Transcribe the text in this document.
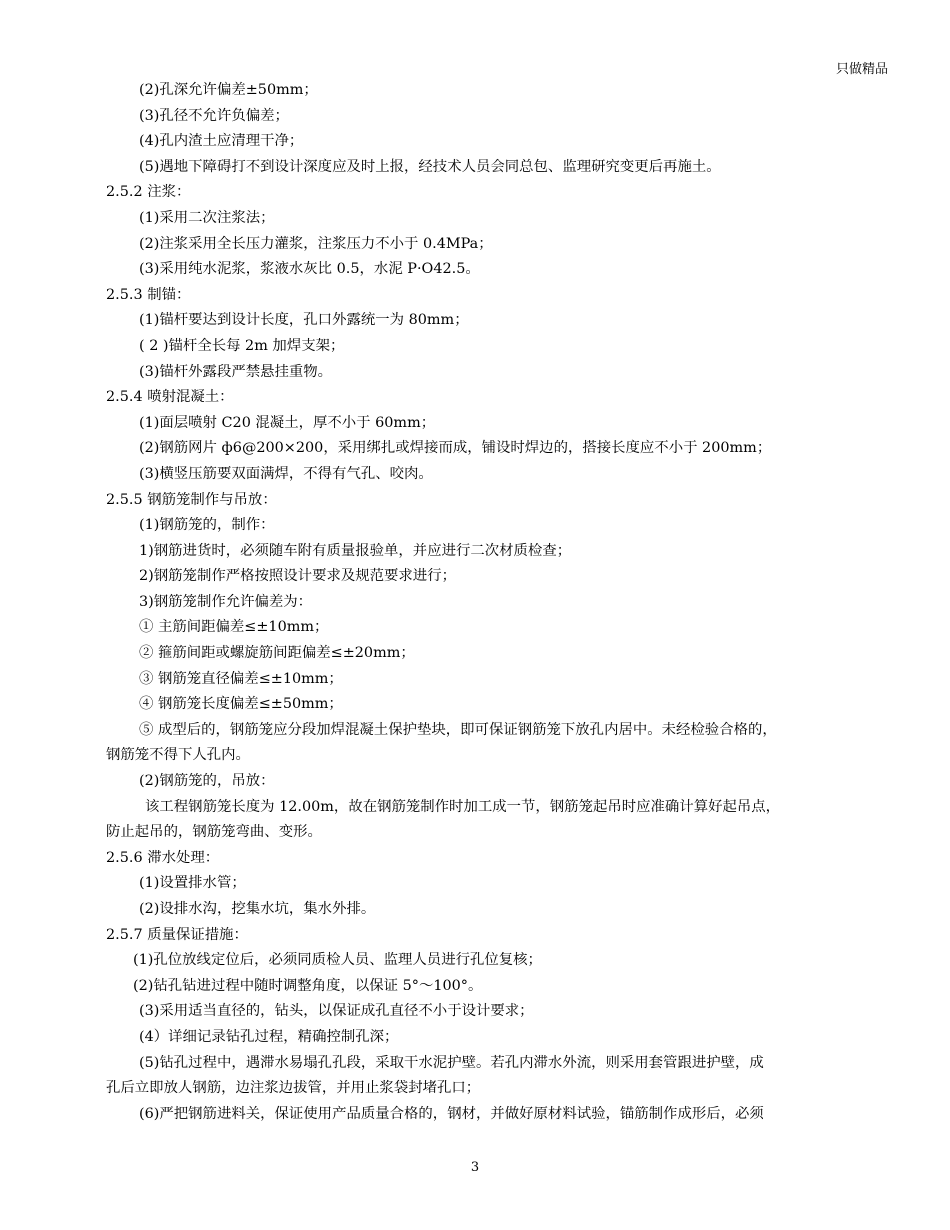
只做精品
(2)孔深允许偏差±50mm；
(3)孔径不允许负偏差；
(4)孔内渣土应清理干净；
(5)遇地下障碍打不到设计深度应及时上报，经技术人员会同总包、监理研究变更后再施土。
2.5.2 注浆：
(1)采用二次注浆法；
(2)注浆采用全长压力灌浆，注浆压力不小于 0.4MPa；
(3)采用纯水泥浆，浆液水灰比 0.5，水泥 P·O42.5。
2.5.3 制锚：
(1)锚杆要达到设计长度，孔口外露统一为 80mm；
( 2 )锚杆全长每 2m 加焊支架；
(3)锚杆外露段严禁悬挂重物。
2.5.4 喷射混凝土：
(1)面层喷射 C20 混凝土，厚不小于 60mm；
(2)钢筋网片 ф6@200×200，采用绑扎或焊接而成，铺设时焊边的，搭接长度应不小于 200mm；
(3)横竖压筋要双面满焊，不得有气孔、咬肉。
2.5.5 钢筋笼制作与吊放：
(1)钢筋笼的，制作：
1)钢筋进货时，必须随车附有质量报验单，并应进行二次材质检查；
2)钢筋笼制作严格按照设计要求及规范要求进行；
3)钢筋笼制作允许偏差为：
① 主筋间距偏差≤±10mm；
② 箍筋间距或螺旋筋间距偏差≤±20mm；
③ 钢筋笼直径偏差≤±10mm；
④ 钢筋笼长度偏差≤±50mm；
⑤ 成型后的，钢筋笼应分段加焊混凝土保护垫块，即可保证钢筋笼下放孔内居中。未经检验合格的，
钢筋笼不得下人孔内。
(2)钢筋笼的，吊放：
该工程钢筋笼长度为 12.00m，故在钢筋笼制作时加工成一节，钢筋笼起吊时应准确计算好起吊点，
防止起吊的，钢筋笼弯曲、变形。
2.5.6 滞水处理：
(1)设置排水管；
(2)设排水沟，挖集水坑，集水外排。
2.5.7 质量保证措施：
(1)孔位放线定位后，必须同质检人员、监理人员进行孔位复核；
(2)钻孔钻进过程中随时调整角度，以保证 5°～100°。
(3)采用适当直径的，钻头，以保证成孔直径不小于设计要求；
(4）详细记录钻孔过程，精确控制孔深；
(5)钻孔过程中，遇滞水易塌孔孔段，采取干水泥护壁。若孔内滞水外流，则采用套管跟进护壁，成
孔后立即放人钢筋，边注浆边拔管，并用止浆袋封堵孔口；
(6)严把钢筋进料关，保证使用产品质量合格的，钢材，并做好原材料试验，锚筋制作成形后，必须
3
